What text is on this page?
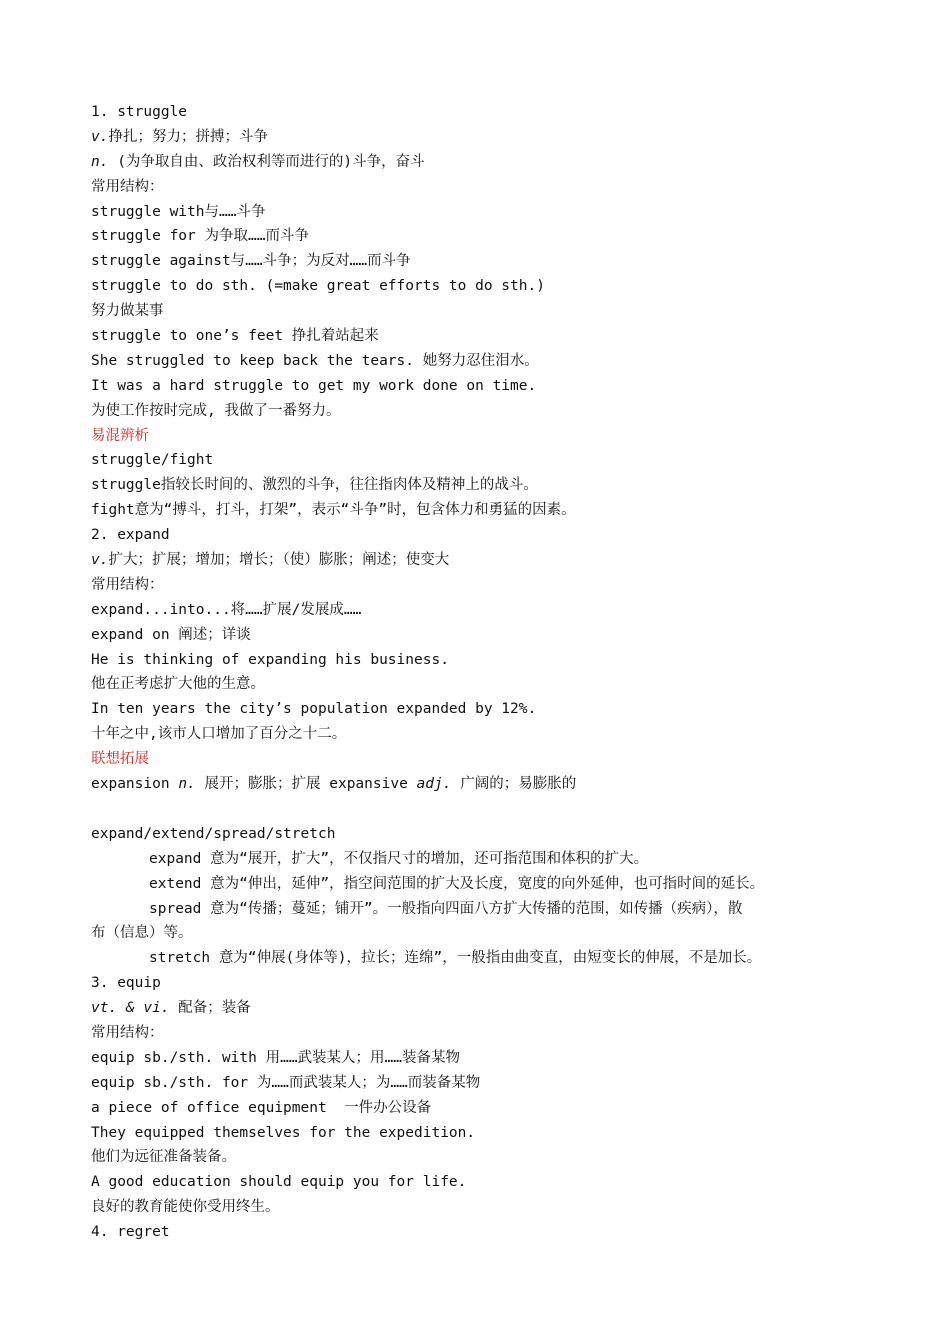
1. struggle
v.挣扎；努力；拼搏；斗争
n. (为争取自由、政治权利等而进行的)斗争，奋斗
常用结构：
struggle with与……斗争
struggle for 为争取……而斗争
struggle against与……斗争；为反对……而斗争
struggle to do sth. (=make great efforts to do sth.)
努力做某事
struggle to one’s feet 挣扎着站起来
She struggled to keep back the tears. 她努力忍住泪水。
It was a hard struggle to get my work done on time.
为使工作按时完成, 我做了一番努力。
易混辨析
struggle/fight
struggle指较长时间的、激烈的斗争，往往指肉体及精神上的战斗。
fight意为“搏斗，打斗，打架”，表示“斗争”时，包含体力和勇猛的因素。
2. expand
v.扩大；扩展；增加；增长；（使）膨胀；阐述；使变大
常用结构：
expand...into...将……扩展/发展成……
expand on 阐述；详谈
He is thinking of expanding his business.
他在正考虑扩大他的生意。
In ten years the city’s population expanded by 12%.
十年之中,该市人口增加了百分之十二。
联想拓展
expansion n. 展开；膨胀；扩展 expansive adj. 广阔的；易膨胀的
expand/extend/spread/stretch
expand 意为“展开，扩大”，不仅指尺寸的增加，还可指范围和体积的扩大。
extend 意为“伸出，延伸”，指空间范围的扩大及长度，宽度的向外延伸，也可指时间的延长。
spread 意为“传播；蔓延；铺开”。一般指向四面八方扩大传播的范围，如传播（疾病），散
布（信息）等。
stretch 意为“伸展(身体等)，拉长；连绵”，一般指由曲变直，由短变长的伸展，不是加长。
3. equip
vt. & vi. 配备；装备
常用结构：
equip sb./sth. with 用……武装某人；用……装备某物
equip sb./sth. for 为……而武装某人；为……而装备某物
a piece of office equipment  一件办公设备
They equipped themselves for the expedition.
他们为远征准备装备。
A good education should equip you for life.
良好的教育能使你受用终生。
4. regret
